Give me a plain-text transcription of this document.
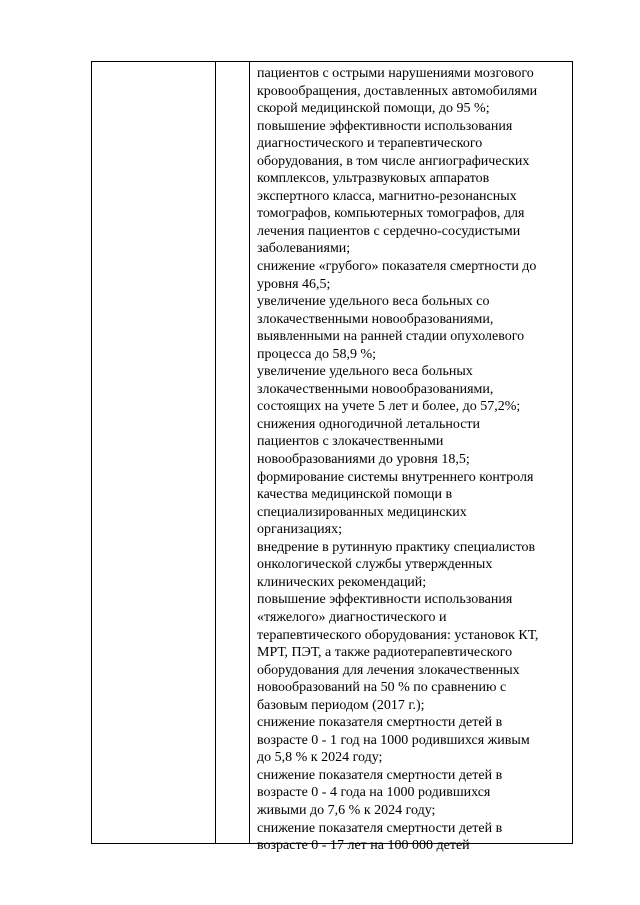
пациентов с острыми нарушениями мозгового
кровообращения, доставленных автомобилями
скорой медицинской помощи, до 95 %;
повышение эффективности использования
диагностического и терапевтического
оборудования, в том числе ангиографических
комплексов, ультразвуковых аппаратов
экспертного класса, магнитно-резонансных
томографов, компьютерных томографов, для
лечения пациентов с сердечно-сосудистыми
заболеваниями;
снижение «грубого» показателя смертности до
уровня 46,5;
увеличение удельного веса больных со
злокачественными новообразованиями,
выявленными на ранней стадии опухолевого
процесса до 58,9 %;
увеличение удельного веса больных
злокачественными новообразованиями,
состоящих на учете 5 лет и более, до 57,2%;
снижения одногодичной летальности
пациентов с злокачественными
новообразованиями до уровня 18,5;
формирование системы внутреннего контроля
качества медицинской помощи в
специализированных медицинских
организациях;
внедрение в рутинную практику специалистов
онкологической службы утвержденных
клинических рекомендаций;
повышение эффективности использования
«тяжелого» диагностического и
терапевтического оборудования: установок КТ,
МРТ, ПЭТ, а также радиотерапевтического
оборудования для лечения злокачественных
новообразований на 50 % по сравнению с
базовым периодом (2017 г.);
снижение показателя смертности детей в
возрасте 0 - 1 год на 1000 родившихся живым
до 5,8 % к 2024 году;
снижение показателя смертности детей в
возрасте 0 - 4 года на 1000 родившихся
живыми до 7,6 % к 2024 году;
снижение показателя смертности детей в
возрасте 0 - 17 лет на 100 000 детей
